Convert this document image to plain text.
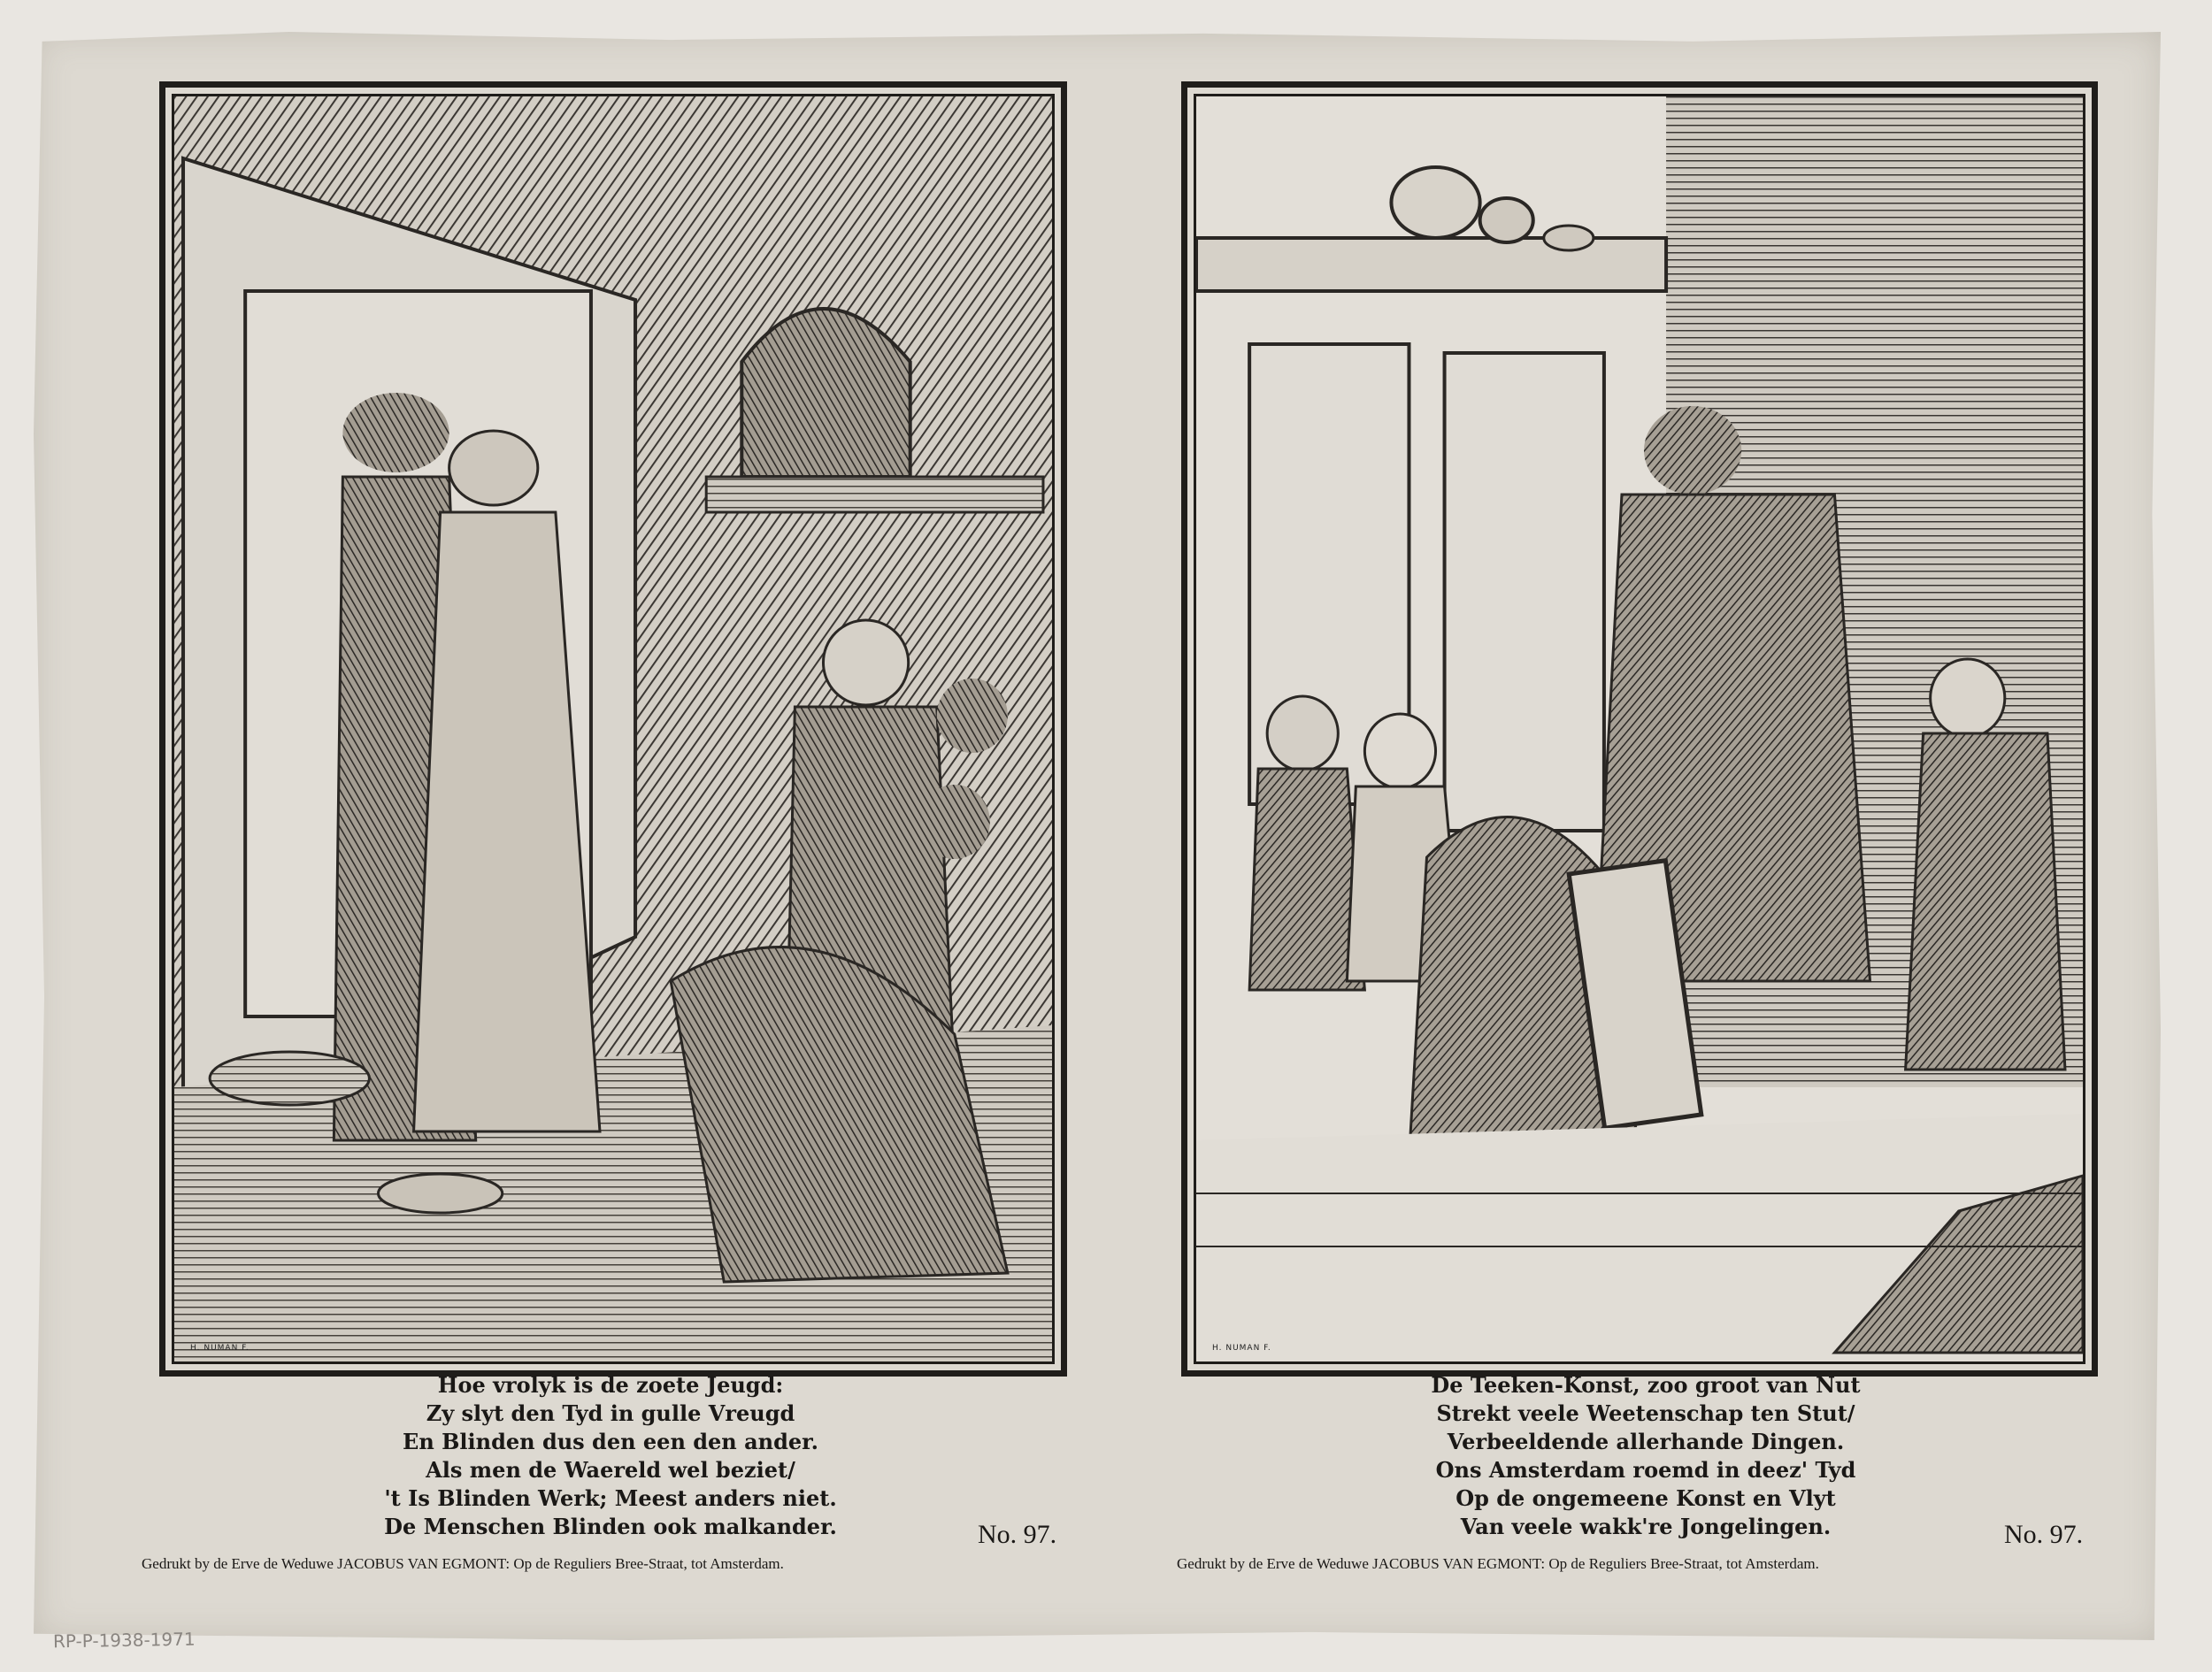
H. NUMAN F.
Hoe vrolyk is de zoete Jeugd:
Zy slyt den Tyd in gulle Vreugd
En Blinden dus den een den ander.
Als men de Waereld wel beziet/
't Is Blinden Werk; Meest anders niet.
De Menschen Blinden ook malkander.	No. 97.
Gedrukt by de Erve de Weduwe JACOBUS VAN EGMONT: Op de Reguliers Bree-Straat, tot Amsterdam.
H. NUMAN F.
De Teeken-Konst, zoo groot van Nut
Strekt veele Weetenschap ten Stut/
Verbeeldende allerhande Dingen.
Ons Amsterdam roemd in deez' Tyd
Op de ongemeene Konst en Vlyt
Van veele wakk're Jongelingen.	No. 97.
Gedrukt by de Erve de Weduwe JACOBUS VAN EGMONT: Op de Reguliers Bree-Straat, tot Amsterdam.
RP-P-1938-1971
